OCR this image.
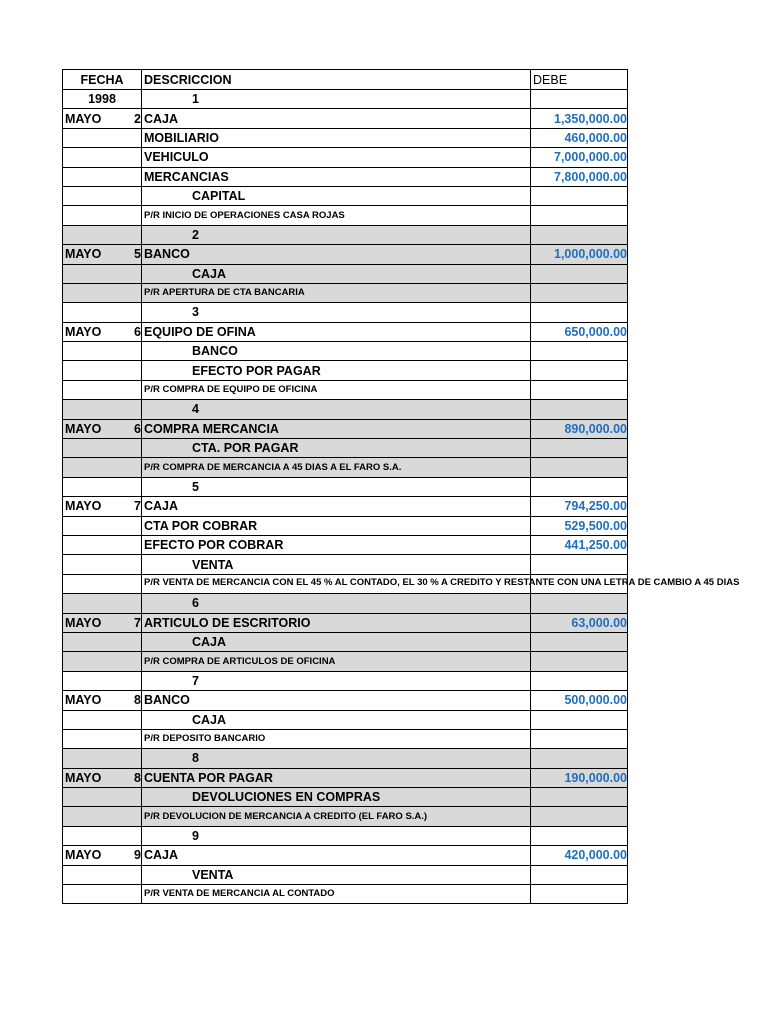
FECHA	DESCRICCION	DEBE
1998	1	

MAYO 2	CAJA	1,350,000.00

	MOBILIARIO	460,000.00

	VEHICULO	7,000,000.00

	MERCANCIAS	7,800,000.00
	CAPITAL	
	P/R INICIO DE OPERACIONES CASA ROJAS	
	2	

MAYO 5	BANCO	1,000,000.00
	CAJA	
	P/R APERTURA DE CTA BANCARIA	
	3	

MAYO 6	EQUIPO DE OFINA	650,000.00
	BANCO	
	EFECTO POR PAGAR	
	P/R COMPRA DE EQUIPO DE OFICINA	
	4	

MAYO 6	COMPRA MERCANCIA	890,000.00
	CTA. POR PAGAR	
	P/R COMPRA DE MERCANCIA A 45 DIAS A EL FARO S.A.	
	5	

MAYO 7	CAJA	794,250.00

	CTA POR COBRAR	529,500.00

	EFECTO POR COBRAR	441,250.00
	VENTA	
	P/R VENTA DE MERCANCIA CON EL 45 % AL CONTADO, EL 30 % A CREDITO Y RESTANTE CON UNA LETRA DE CAMBIO A 45 DIAS	
	6	

MAYO 7	ARTICULO DE ESCRITORIO	63,000.00
	CAJA	
	P/R COMPRA DE ARTICULOS DE OFICINA	
	7	

MAYO 8	BANCO	500,000.00
	CAJA	
	P/R DEPOSITO BANCARIO	
	8	

MAYO 8	CUENTA POR PAGAR	190,000.00
	DEVOLUCIONES EN COMPRAS	
	P/R DEVOLUCION DE MERCANCIA A CREDITO (EL FARO S.A.)	
	9	

MAYO 9	CAJA	420,000.00
	VENTA	
	P/R VENTA DE MERCANCIA AL CONTADO	
